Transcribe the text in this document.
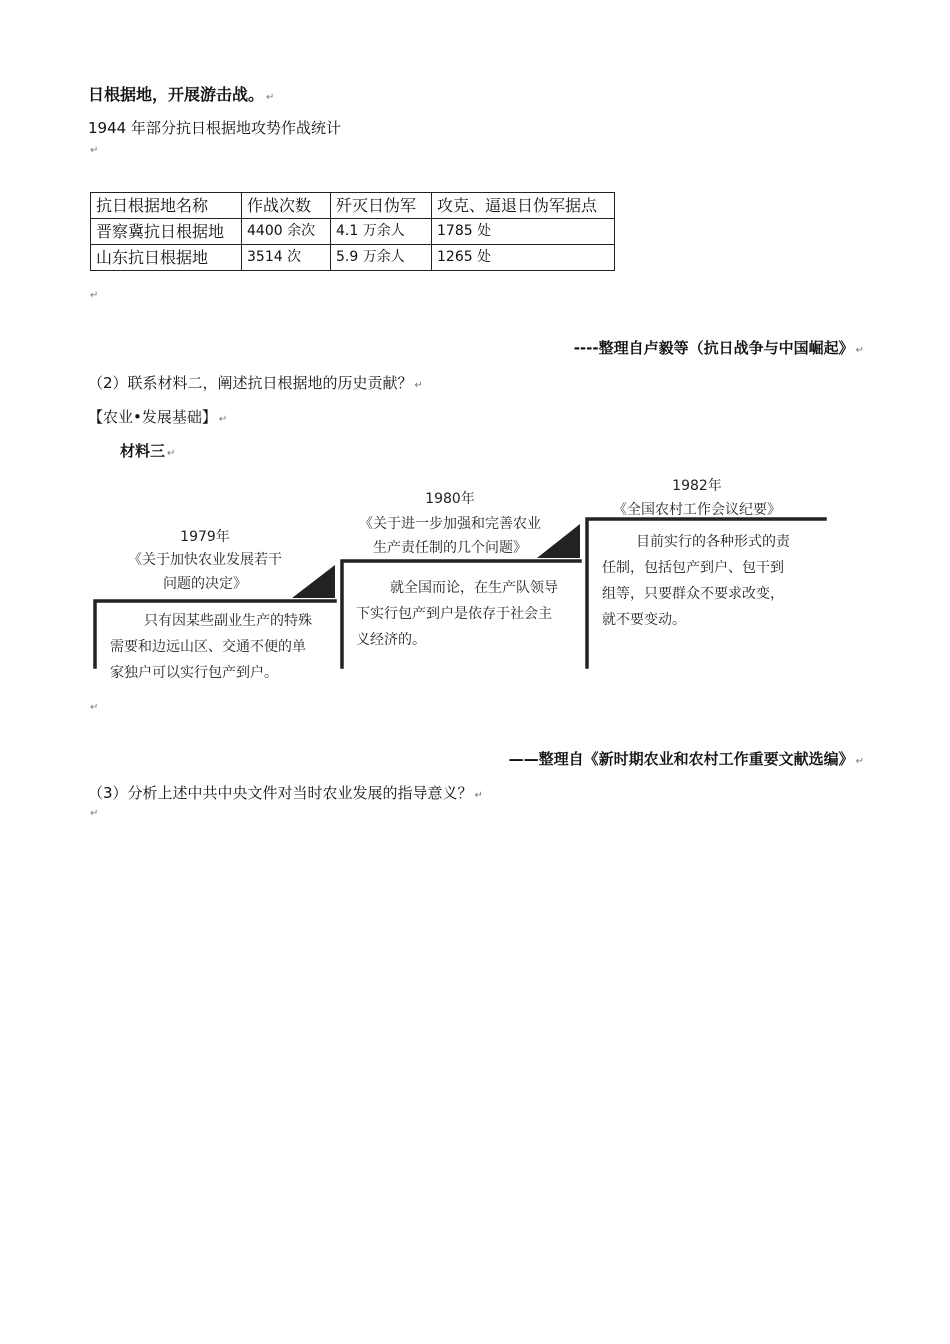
日根据地，开展游击战。 ↵
1944 年部分抗日根据地攻势作战统计
↵
抗日根据地名称	作战次数	歼灭日伪军	攻克、逼退日伪军据点
晋察冀抗日根据地	4400 余次	4.1 万余人	1785 处
山东抗日根据地	3514 次	5.9 万余人	1265 处
↵
----整理自卢毅等（抗日战争与中国崛起》 ↵
（2）联系材料二，阐述抗日根据地的历史贡献？ ↵
【农业•发展基础】 ↵
材料三 ↵
1979年
《关于加快农业发展若干
问题的决定》
只有因某些副业生产的特殊
需要和边远山区、交通不便的单
家独户可以实行包产到户。
1980年
《关于进一步加强和完善农业
生产责任制的几个问题》
就全国而论，在生产队领导
下实行包产到户是依存于社会主
义经济的。
1982年
《全国农村工作会议纪要》
目前实行的各种形式的责
任制，包括包产到户、包干到
组等，只要群众不要求改变，
就不要变动。
↵
——整理自《新时期农业和农村工作重要文献选编》 ↵
（3）分析上述中共中央文件对当时农业发展的指导意义？ ↵
↵
